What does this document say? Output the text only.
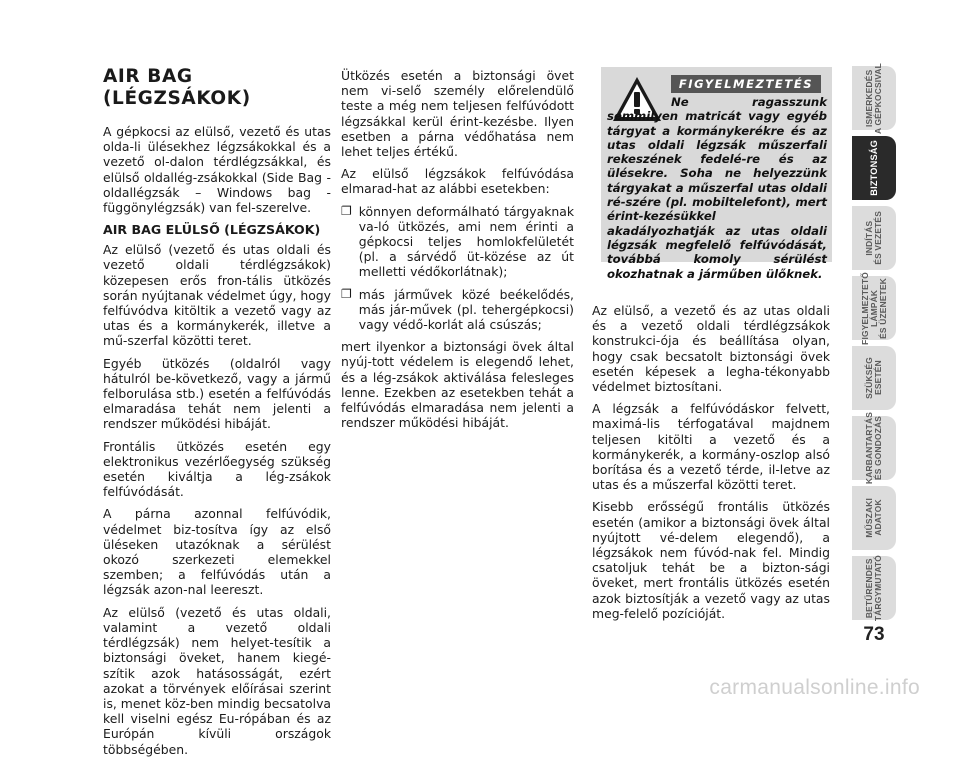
AIR BAG (LÉGZSÁKOK)

A gépkocsi az elülső, vezető és utas olda-li ülésekhez légzsákokkal és a vezető ol-dalon térdlégzsákkal, és elülső oldallég-zsákokkal (Side Bag - oldallégzsák – Windows bag - függönylégzsák) van fel-szerelve.

AIR BAG ELÜLSŐ (LÉGZSÁKOK)

Az elülső (vezető és utas oldali és vezető oldali térdlégzsákok) közepesen erős fron-tális ütközés során nyújtanak védelmet úgy, hogy felfúvódva kitöltik a vezető vagy az utas és a kormánykerék, illetve a mű-szerfal közötti teret.

Egyéb ütközés (oldalról vagy hátulról be-következő, vagy a jármű felborulása stb.) esetén a felfúvódás elmaradása tehát nem jelenti a rendszer működési hibáját.

Frontális ütközés esetén egy elektronikus vezérlőegység szükség esetén kiváltja a lég-zsákok felfúvódását.

A párna azonnal felfúvódik, védelmet biz-tosítva így az első üléseken utazóknak a sérülést okozó szerkezeti elemekkel szemben; a felfúvódás után a légzsák azon-nal leereszt.

Az elülső (vezető és utas oldali, valamint a vezető oldali térdlégzsák) nem helyet-tesítik a biztonsági öveket, hanem kiegé-szítik azok hatásosságát, ezért azokat a törvények előírásai szerint is, menet köz-ben mindig becsatolva kell viselni egész Eu-rópában és az Európán kívüli országok többségében.

Ütközés esetén a biztonsági övet nem vi-selő személy előrelendülő teste a még nem teljesen felfúvódott légzsákkal kerül érint-kezésbe. Ilyen esetben a párna védőhatása nem lehet teljes értékű.

Az elülső légzsákok felfúvódása elmarad-hat az alábbi esetekben:

❐ könnyen deformálható tárgyaknak va-ló ütközés, ami nem érinti a gépkocsi teljes homlokfelületét (pl. a sárvédő üt-közése az út melletti védőkorlátnak);
❐ más járművek közé beékelődés, más jár-művek (pl. tehergépkocsi) vagy védő-korlát alá csúszás;

mert ilyenkor a biztonsági övek által nyúj-tott védelem is elegendő lehet, és a lég-zsákok aktiválása felesleges lenne. Ezekben az esetekben tehát a felfúvódás elmaradása nem jelenti a rendszer működési hibáját.

FIGYELMEZTETÉS
Ne ragasszunk semmilyen matricát vagy egyéb tárgyat a kormánykerékre és az utas oldali légzsák műszerfali rekeszének fedelé-re és az ülésekre. Soha ne helyezzünk tárgyakat a műszerfal utas oldali ré-szére (pl. mobiltelefont), mert érint-kezésükkel akadályozhatják az utas oldali légzsák megfelelő felfúvódását, továbbá komoly sérülést okozhatnak a járműben ülőknek.

Az elülső, a vezető és az utas oldali és a vezető oldali térdlégzsákok konstrukci-ója és beállítása olyan, hogy csak becsatolt biztonsági övek esetén képesek a legha-tékonyabb védelmet biztosítani.

A légzsák a felfúvódáskor felvett, maximá-lis térfogatával majdnem teljesen kitölti a vezető és a kormánykerék, a kormány-oszlop alsó borítása és a vezető térde, il-letve az utas és a műszerfal közötti teret.

Kisebb erősségű frontális ütközés esetén (amikor a biztonsági övek által nyújtott vé-delem elegendő), a légzsákok nem fúvód-nak fel. Mindig csatoljuk tehát be a bizton-sági öveket, mert frontális ütközés esetén azok biztosítják a vezető vagy az utas meg-felelő pozícióját.

ISMERKEDÉS
A GÉPKOCSIVAL
BIZTONSÁG
INDÍTÁS
ÉS VEZETÉS
FIGYELMEZTETŐ
LÁMPÁK
ÉS ÜZENETEK
SZÜKSÉG
ESETÉN
KARBANTARTÁS
ÉS GONDOZÁS
MŰSZAKI
ADATOK
BETŰRENDES
TÁRGYMUTATÓ
73
carmanualsonline.info
